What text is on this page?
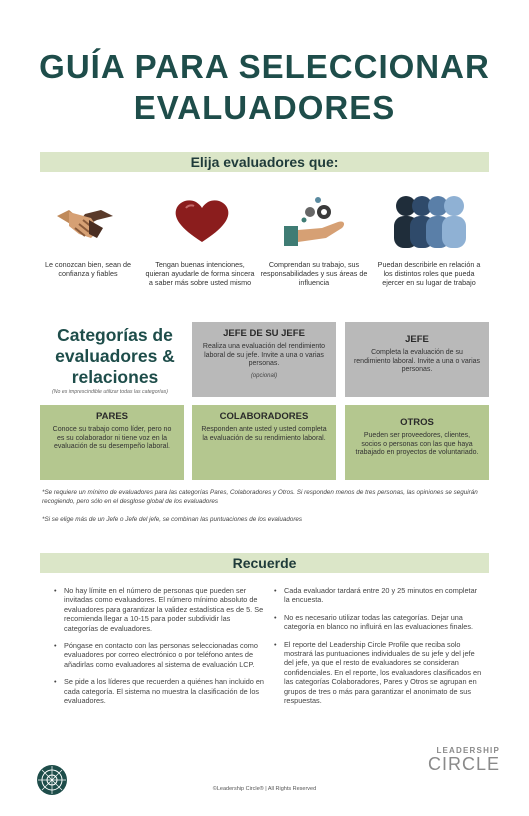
GUÍA PARA SELECCIONAR
EVALUADORES
Elija evaluadores que:
Le conozcan bien, sean de confianza y fiables
Tengan buenas intenciones, quieran ayudarle de forma sincera a saber más sobre usted mismo
Comprendan su trabajo, sus responsabilidades y sus áreas de influencia
Puedan describirle en relación a los distintos roles que pueda ejercer en su lugar de trabajo
Categorías de evaluadores & relaciones
(No es imprescindible utilizar todas las categorías)
JEFE DE SU JEFE
Realiza una evaluación del rendimiento laboral de su jefe. Invite a una o varias personas.
(opcional)
JEFE
Completa la evaluación de su rendimiento laboral. Invite a una o varias personas.
PARES
Conoce su trabajo como líder, pero no es su colaborador ni tiene voz en la evaluación de su desempeño laboral.
COLABORADORES
Responden ante usted y usted completa la evaluación de su rendimiento laboral.
OTROS
Pueden ser proveedores, clientes, socios o personas con las que haya trabajado en proyectos de voluntariado.
*Se requiere un mínimo de evaluadores para las categorías Pares, Colaboradores y Otros. Si responden menos de tres personas, las opiniones se seguirán recogiendo, pero sólo en el desglose global de los evaluadores
*Si se elige más de un Jefe o Jefe del jefe, se combinan las puntuaciones de los evaluadores
Recuerde
• No hay límite en el número de personas que pueden ser invitadas como evaluadores. El número mínimo absoluto de evaluadores para garantizar la validez estadística es de 5. Se recomienda llegar a 10-15 para poder subdividir las categorías de evaluadores.
• Póngase en contacto con las personas seleccionadas como evaluadores por correo electrónico o por teléfono antes de añadirlas como evaluadores al sistema de evaluación LCP.
• Se pide a los líderes que recuerden a quiénes han incluido en cada categoría. El sistema no muestra la clasificación de los evaluadores.
• Cada evaluador tardará entre 20 y 25 minutos en completar la encuesta.
• No es necesario utilizar todas las categorías. Dejar una categoría en blanco no influirá en las evaluaciones finales.
• El reporte del Leadership Circle Profile que reciba solo mostrará las puntuaciones individuales de su jefe y del jefe del jefe, ya que el resto de evaluadores se consideran confidenciales. En el reporte, los evaluadores clasificados en las categorías Colaboradores, Pares y Otros se agrupan en grupos de tres o más para garantizar el anonimato de sus respuestas.
©Leadership Circle® | All Rights Reserved
LEADERSHIP
CIRCLE
